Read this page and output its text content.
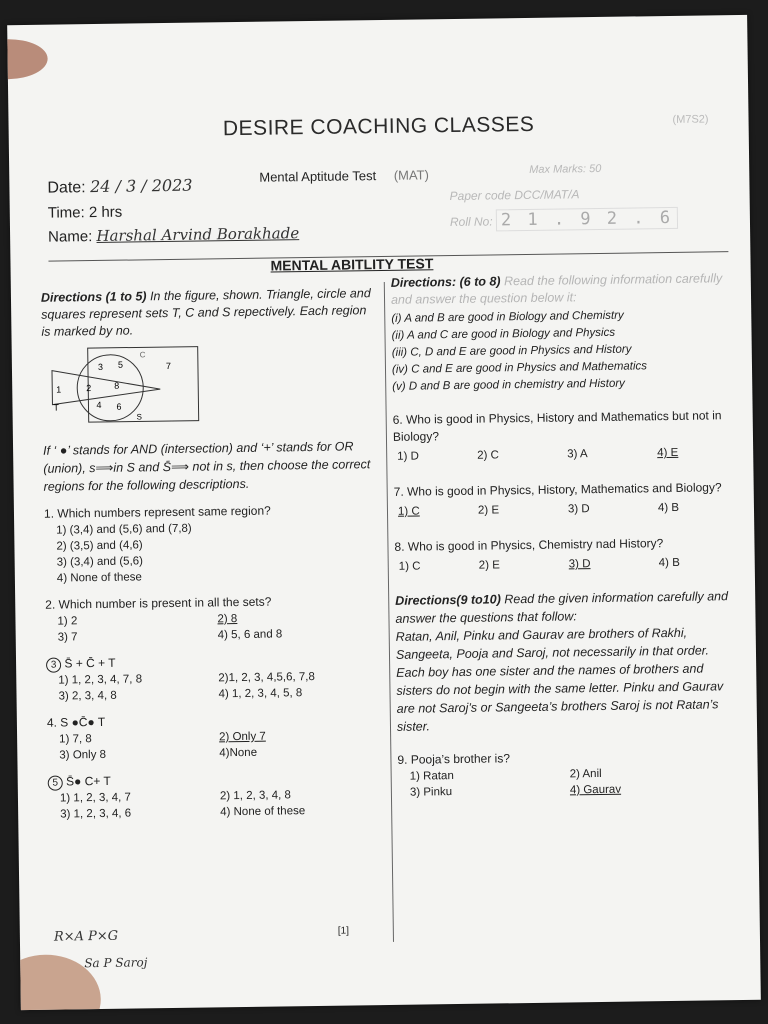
DESIRE COACHING CLASSES	(M7S2)
Date: 24 / 3 / 2023
Time: 2 hrs
Name: Harshal Arvind Borakhade
Mental Aptitude Test (MAT)	Max Marks: 50
Paper code DCC/MAT/A
Roll No: 2 1 . 9 2 . 6
MENTAL ABITLITY TEST
Directions (1 to 5) In the figure, shown. Triangle, circle and squares represent sets T, C and S repectively. Each region is marked by no.
1	2
3
4
5
6
7
8
T
C
S
If ‘ ●’ stands for AND (intersection) and ‘+’ stands for OR (union), s⟹in S and S̄⟹ not in s, then choose the correct regions for the following descriptions.
1. Which numbers represent same region?
1) (3,4) and (5,6) and (7,8)
2) (3,5) and (4,6)
3) (3,4) and (5,6)
4) None of these
2. Which number is present in all the sets?
1) 2	2) 8
3) 7	4) 5, 6 and 8
3 S̄ + C̄ + T
1) 1, 2, 3, 4, 7, 8	2)1, 2, 3, 4,5,6, 7,8
3) 2, 3, 4, 8	4) 1, 2, 3, 4, 5, 8
4. S ●C̄● T
1) 7, 8	2) Only 7
3) Only 8	4)None
5 S̄● C+ T
1) 1, 2, 3, 4, 7	2) 1, 2, 3, 4, 8
3) 1, 2, 3, 4, 6	4) None of these
Directions: (6 to 8) Read the following information carefully and answer the question below it:
(i) A and B are good in Biology and Chemistry
(ii) A and C are good in Biology and Physics
(iii) C, D and E are good in Physics and History
(iv) C and E are good in Physics and Mathematics
(v) D and B are good in chemistry and History
6. Who is good in Physics, History and Mathematics but not in Biology?
1) D	2) C	3) A	4) E
7. Who is good in Physics, History, Mathematics and Biology?
1) C	2) E	3) D	4) B
8. Who is good in Physics, Chemistry nad History?
1) C	2) E	3) D	4) B
Directions(9 to10) Read the given information carefully and answer the questions that follow:
Ratan, Anil, Pinku and Gaurav are brothers of Rakhi, Sangeeta, Pooja and Saroj, not necessarily in that order. Each boy has one sister and the names of brothers and sisters do not begin with the same letter. Pinku and Gaurav are not Saroj’s or Sangeeta’s brothers Saroj is not Ratan’s sister.
9. Pooja’s brother is?
1) Ratan	2) Anil
3) Pinku	4) Gaurav
R×A P×G
Sa P Saroj
[1]
